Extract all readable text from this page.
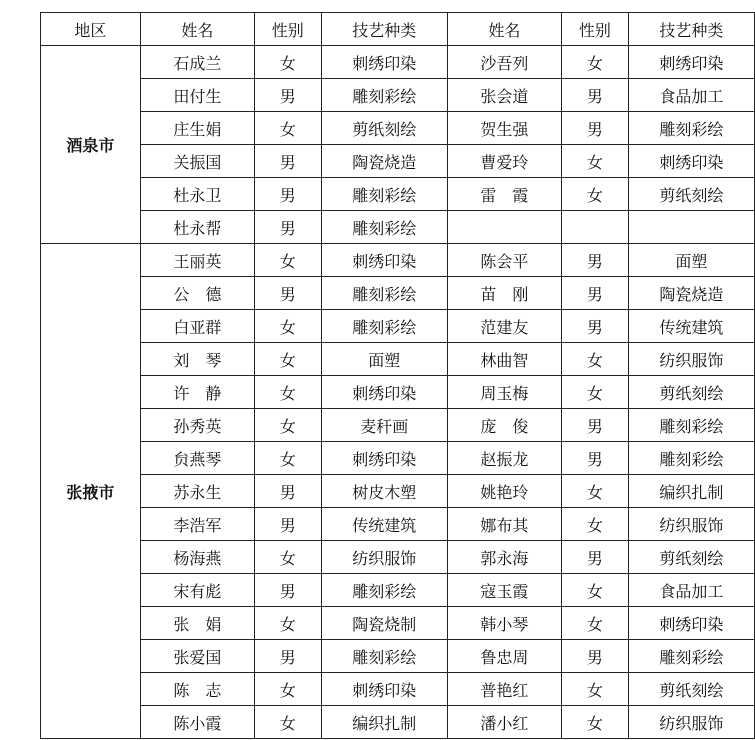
地区	姓名	性别	技艺种类	姓名	性别	技艺种类
酒泉市	石成兰	女	刺绣印染	沙吾列	女	刺绣印染
	田付生	男	雕刻彩绘	张会道	男	食品加工
	庄生娟	女	剪纸刻绘	贺生强	男	雕刻彩绘
	关振国	男	陶瓷烧造	曹爱玲	女	刺绣印染
	杜永卫	男	雕刻彩绘	雷　霞	女	剪纸刻绘
	杜永帮	男	雕刻彩绘			
张掖市	王丽英	女	刺绣印染	陈会平	男	面塑
	公　德	男	雕刻彩绘	苗　刚	男	陶瓷烧造
	白亚群	女	雕刻彩绘	范建友	男	传统建筑
	刘　琴	女	面塑	林曲智	女	纺织服饰
	许　静	女	刺绣印染	周玉梅	女	剪纸刻绘
	孙秀英	女	麦秆画	庞　俊	男	雕刻彩绘
	贠燕琴	女	刺绣印染	赵振龙	男	雕刻彩绘
	苏永生	男	树皮木塑	姚艳玲	女	编织扎制
	李浩军	男	传统建筑	娜布其	女	纺织服饰
	杨海燕	女	纺织服饰	郭永海	男	剪纸刻绘
	宋有彪	男	雕刻彩绘	寇玉霞	女	食品加工
	张　娟	女	陶瓷烧制	韩小琴	女	刺绣印染
	张爱国	男	雕刻彩绘	鲁忠周	男	雕刻彩绘
	陈　志	女	刺绣印染	普艳红	女	剪纸刻绘
	陈小霞	女	编织扎制	潘小红	女	纺织服饰
